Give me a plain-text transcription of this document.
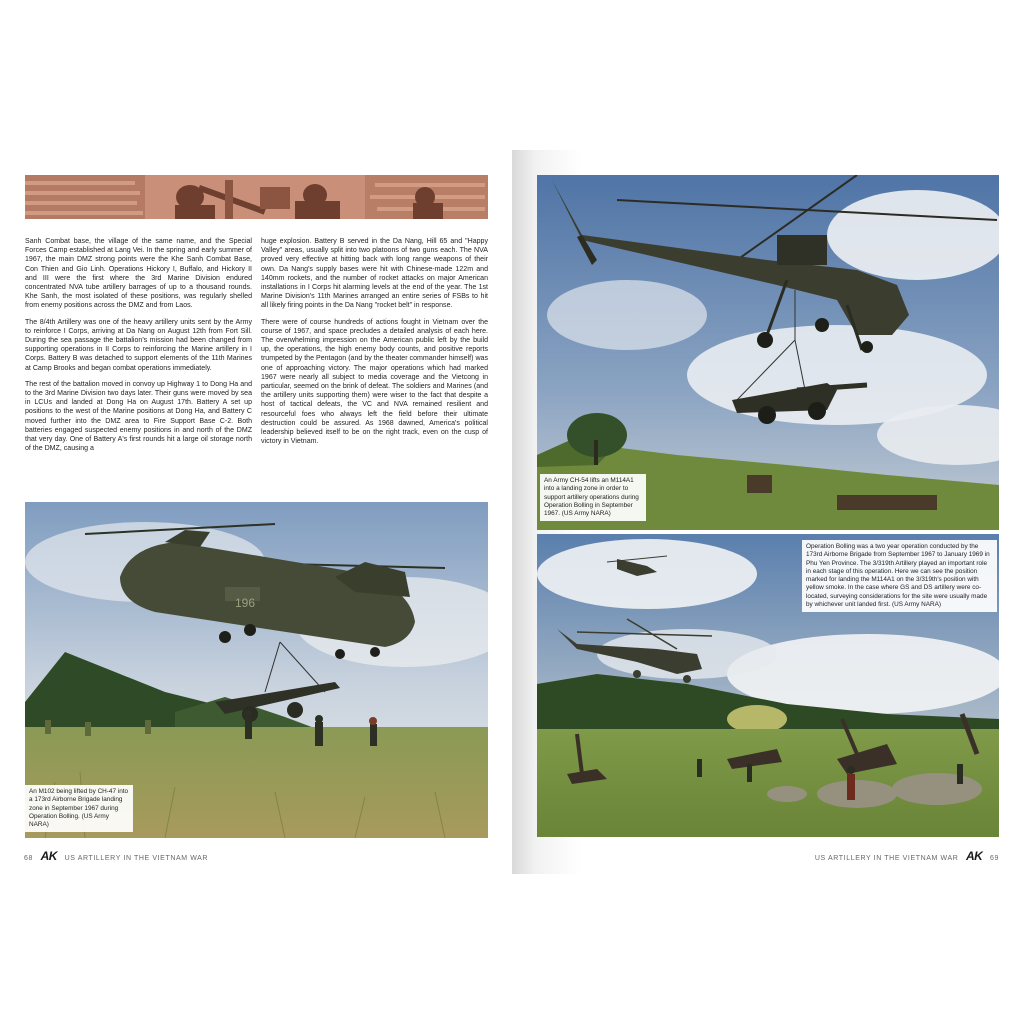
Sanh Combat base, the village of the same name, and the Special Forces Camp established at Lang Vei. In the spring and early summer of 1967, the main DMZ strong points were the Khe Sanh Combat Base, Con Thien and Gio Linh. Operations Hickory I, Buffalo, and Hickory II and III were the first where the 3rd Marine Division endured concentrated NVA tube artillery barrages of up to a thousand rounds. Khe Sanh, the most isolated of these positions, was regularly shelled from enemy positions across the DMZ and from Laos.

The 8/4th Artillery was one of the heavy artillery units sent by the Army to reinforce I Corps, arriving at Da Nang on August 12th from Fort Sill. During the sea passage the battalion's mission had been changed from supporting operations in II Corps to reinforcing the Marine artillery in I Corps. Battery B was detached to support elements of the 11th Marines at Camp Brooks and began combat operations immediately.

The rest of the battalion moved in convoy up Highway 1 to Dong Ha and to the 3rd Marine Division two days later. Their guns were moved by sea in LCUs and landed at Dong Ha on August 17th. Battery A set up positions to the west of the Marine positions at Dong Ha, and Battery C moved further into the DMZ area to Fire Support Base C-2. Both batteries engaged suspected enemy positions in and north of the DMZ that very day. One of Battery A's first rounds hit a large oil storage north of the DMZ, causing a

huge explosion. Battery B served in the Da Nang, Hill 65 and "Happy Valley" areas, usually split into two platoons of two guns each. The NVA proved very effective at hitting back with long range weapons of their own. Da Nang's supply bases were hit with Chinese-made 122m and 140mm rockets, and the number of rocket attacks on major American installations in I Corps hit alarming levels at the end of the year. The 1st Marine Division's 11th Marines arranged an entire series of FSBs to hit all likely firing points in the Da Nang "rocket belt" in response.

There were of course hundreds of actions fought in Vietnam over the course of 1967, and space precludes a detailed analysis of each here. The overwhelming impression on the American public left by the build up, the operations, the high enemy body counts, and positive reports trumpeted by the Pentagon (and by the theater commander himself) was one of approaching victory. The major operations which had marked 1967 were nearly all subject to media coverage and the Vietcong in particular, seemed on the brink of defeat. The soldiers and Marines (and the artillery units supporting them) were wiser to the fact that despite a host of tactical defeats, the VC and NVA remained resilient and resourceful foes who always left the field before their ultimate destruction could be assured. As 1968 dawned, America's political leadership believed itself to be on the right track, even on the cusp of victory in Vietnam.

196
An M102 being lifted by CH-47 into a 173rd Airborne Brigade landing zone in September 1967 during Operation Bolling. (US Army NARA)
68 AK US ARTILLERY IN THE VIETNAM WAR
An Army CH-54 lifts an M114A1 into a landing zone in order to support artillery operations during Operation Bolling in September 1967. (US Army NARA)
Operation Bolling was a two year operation conducted by the 173rd Airborne Brigade from September 1967 to January 1969 in Phu Yen Province. The 3/319th Artillery played an important role in each stage of this operation. Here we can see the position marked for landing the M114A1 on the 3/319th's position with yellow smoke. In the case where GS and DS artillery were co-located, surveying considerations for the site were usually made by whichever unit landed first. (US Army NARA)
US ARTILLERY IN THE VIETNAM WAR AK 69
